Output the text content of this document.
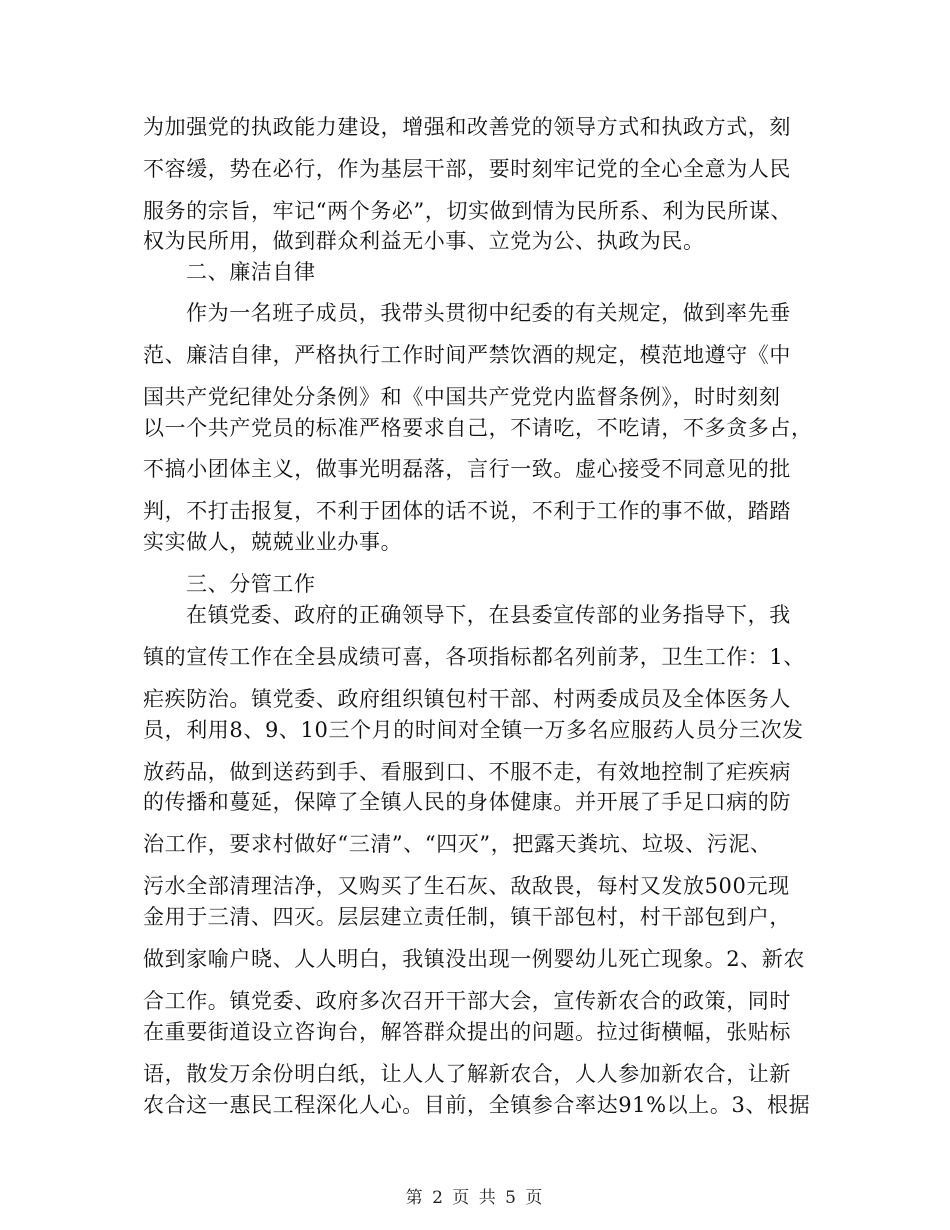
为加强党的执政能力建设，增强和改善党的领导方式和执政方式，刻
不容缓，势在必行，作为基层干部，要时刻牢记党的全心全意为人民
服务的宗旨，牢记“两个务必”，切实做到情为民所系、利为民所谋、
权为民所用，做到群众利益无小事、立党为公、执政为民。
二、廉洁自律
作为一名班子成员，我带头贯彻中纪委的有关规定，做到率先垂
范、廉洁自律，严格执行工作时间严禁饮酒的规定，模范地遵守《中
国共产党纪律处分条例》和《中国共产党党内监督条例》，时时刻刻
以一个共产党员的标准严格要求自己，不请吃，不吃请，不多贪多占，
不搞小团体主义，做事光明磊落，言行一致。虚心接受不同意见的批
判，不打击报复，不利于团体的话不说，不利于工作的事不做，踏踏
实实做人，兢兢业业办事。
三、分管工作
在镇党委、政府的正确领导下，在县委宣传部的业务指导下，我
镇的宣传工作在全县成绩可喜，各项指标都名列前茅，卫生工作：1、
疟疾防治。镇党委、政府组织镇包村干部、村两委成员及全体医务人
员，利用8、9、10三个月的时间对全镇一万多名应服药人员分三次发
放药品，做到送药到手、看服到口、不服不走，有效地控制了疟疾病
的传播和蔓延，保障了全镇人民的身体健康。并开展了手足口病的防
治工作，要求村做好“三清”、“四灭”，把露天粪坑、垃圾、污泥、
污水全部清理洁净，又购买了生石灰、敌敌畏，每村又发放500元现
金用于三清、四灭。层层建立责任制，镇干部包村，村干部包到户，
做到家喻户晓、人人明白，我镇没出现一例婴幼儿死亡现象。2、新农
合工作。镇党委、政府多次召开干部大会，宣传新农合的政策，同时
在重要街道设立咨询台，解答群众提出的问题。拉过街横幅，张贴标
语，散发万余份明白纸，让人人了解新农合，人人参加新农合，让新
农合这一惠民工程深化人心。目前，全镇参合率达91%以上。3、根据
第 2 页 共 5 页
